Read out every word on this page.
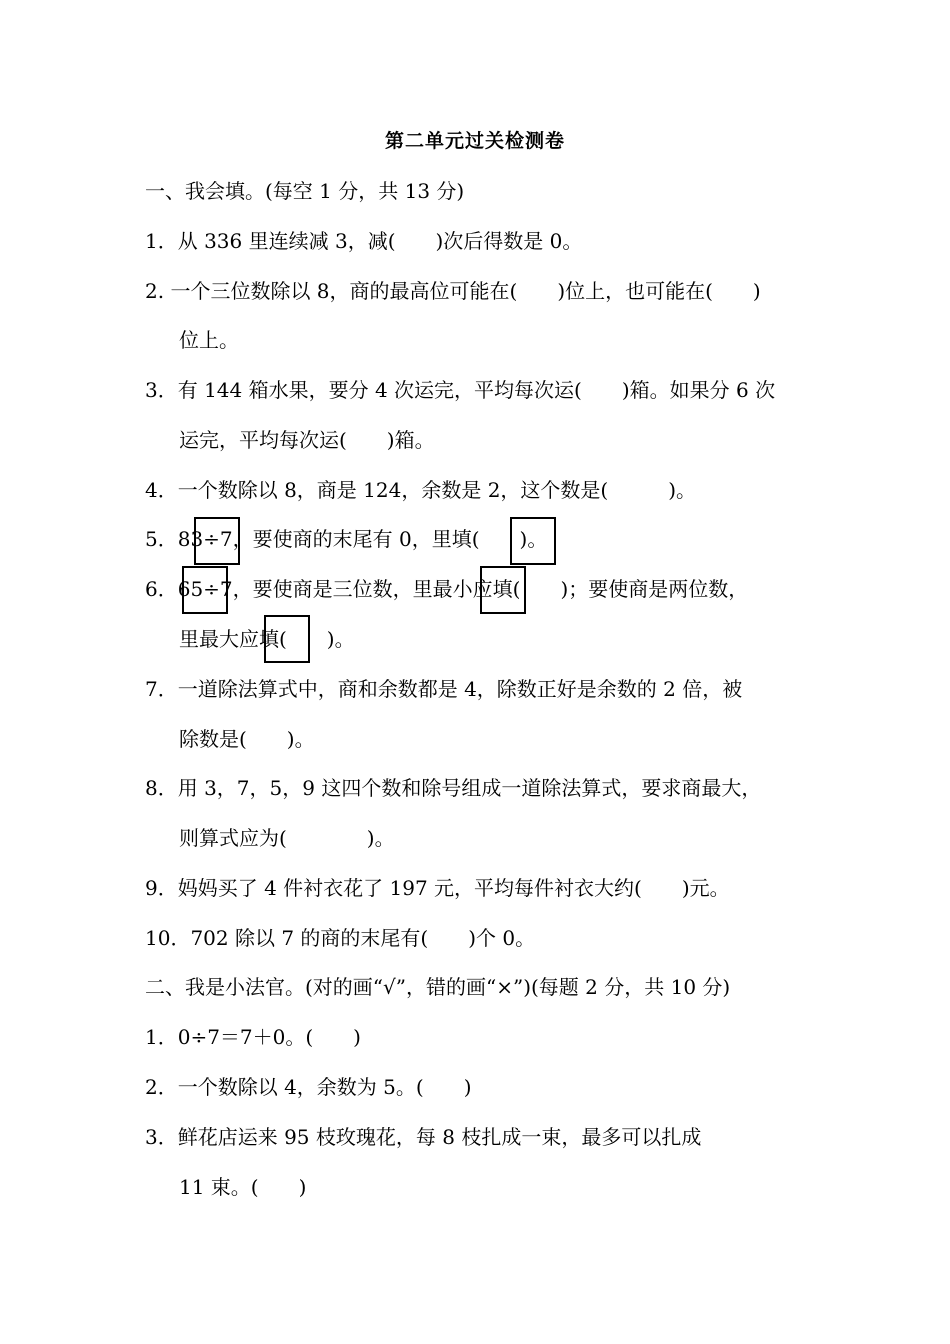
第二单元过关检测卷
一、我会填。(每空 1 分，共 13 分)
1．从 336 里连续减 3，减(　　)次后得数是 0。
2. 一个三位数除以 8，商的最高位可能在(　　)位上，也可能在(　　)
位上。
3．有 144 箱水果，要分 4 次运完，平均每次运(　　)箱。如果分 6 次
运完，平均每次运(　　)箱。
4．一个数除以 8，商是 124，余数是 2，这个数是(　　　)。
5．83÷7，要使商的末尾有 0，里填(　　)。
6．65÷7，要使商是三位数，里最小应填(　　)；要使商是两位数，
里最大应填(　　)。
7．一道除法算式中，商和余数都是 4，除数正好是余数的 2 倍，被
除数是(　　)。
8．用 3，7，5，9 这四个数和除号组成一道除法算式，要求商最大，
则算式应为(　　　　)。
9．妈妈买了 4 件衬衣花了 197 元，平均每件衬衣大约(　　)元。
10．702 除以 7 的商的末尾有(　　)个 0。
二、我是小法官。(对的画“√”，错的画“×”)(每题 2 分，共 10 分)
1．0÷7＝7＋0。(　　)
2．一个数除以 4，余数为 5。(　　)
3．鲜花店运来 95 枝玫瑰花，每 8 枝扎成一束，最多可以扎成
11 束。(　　)
